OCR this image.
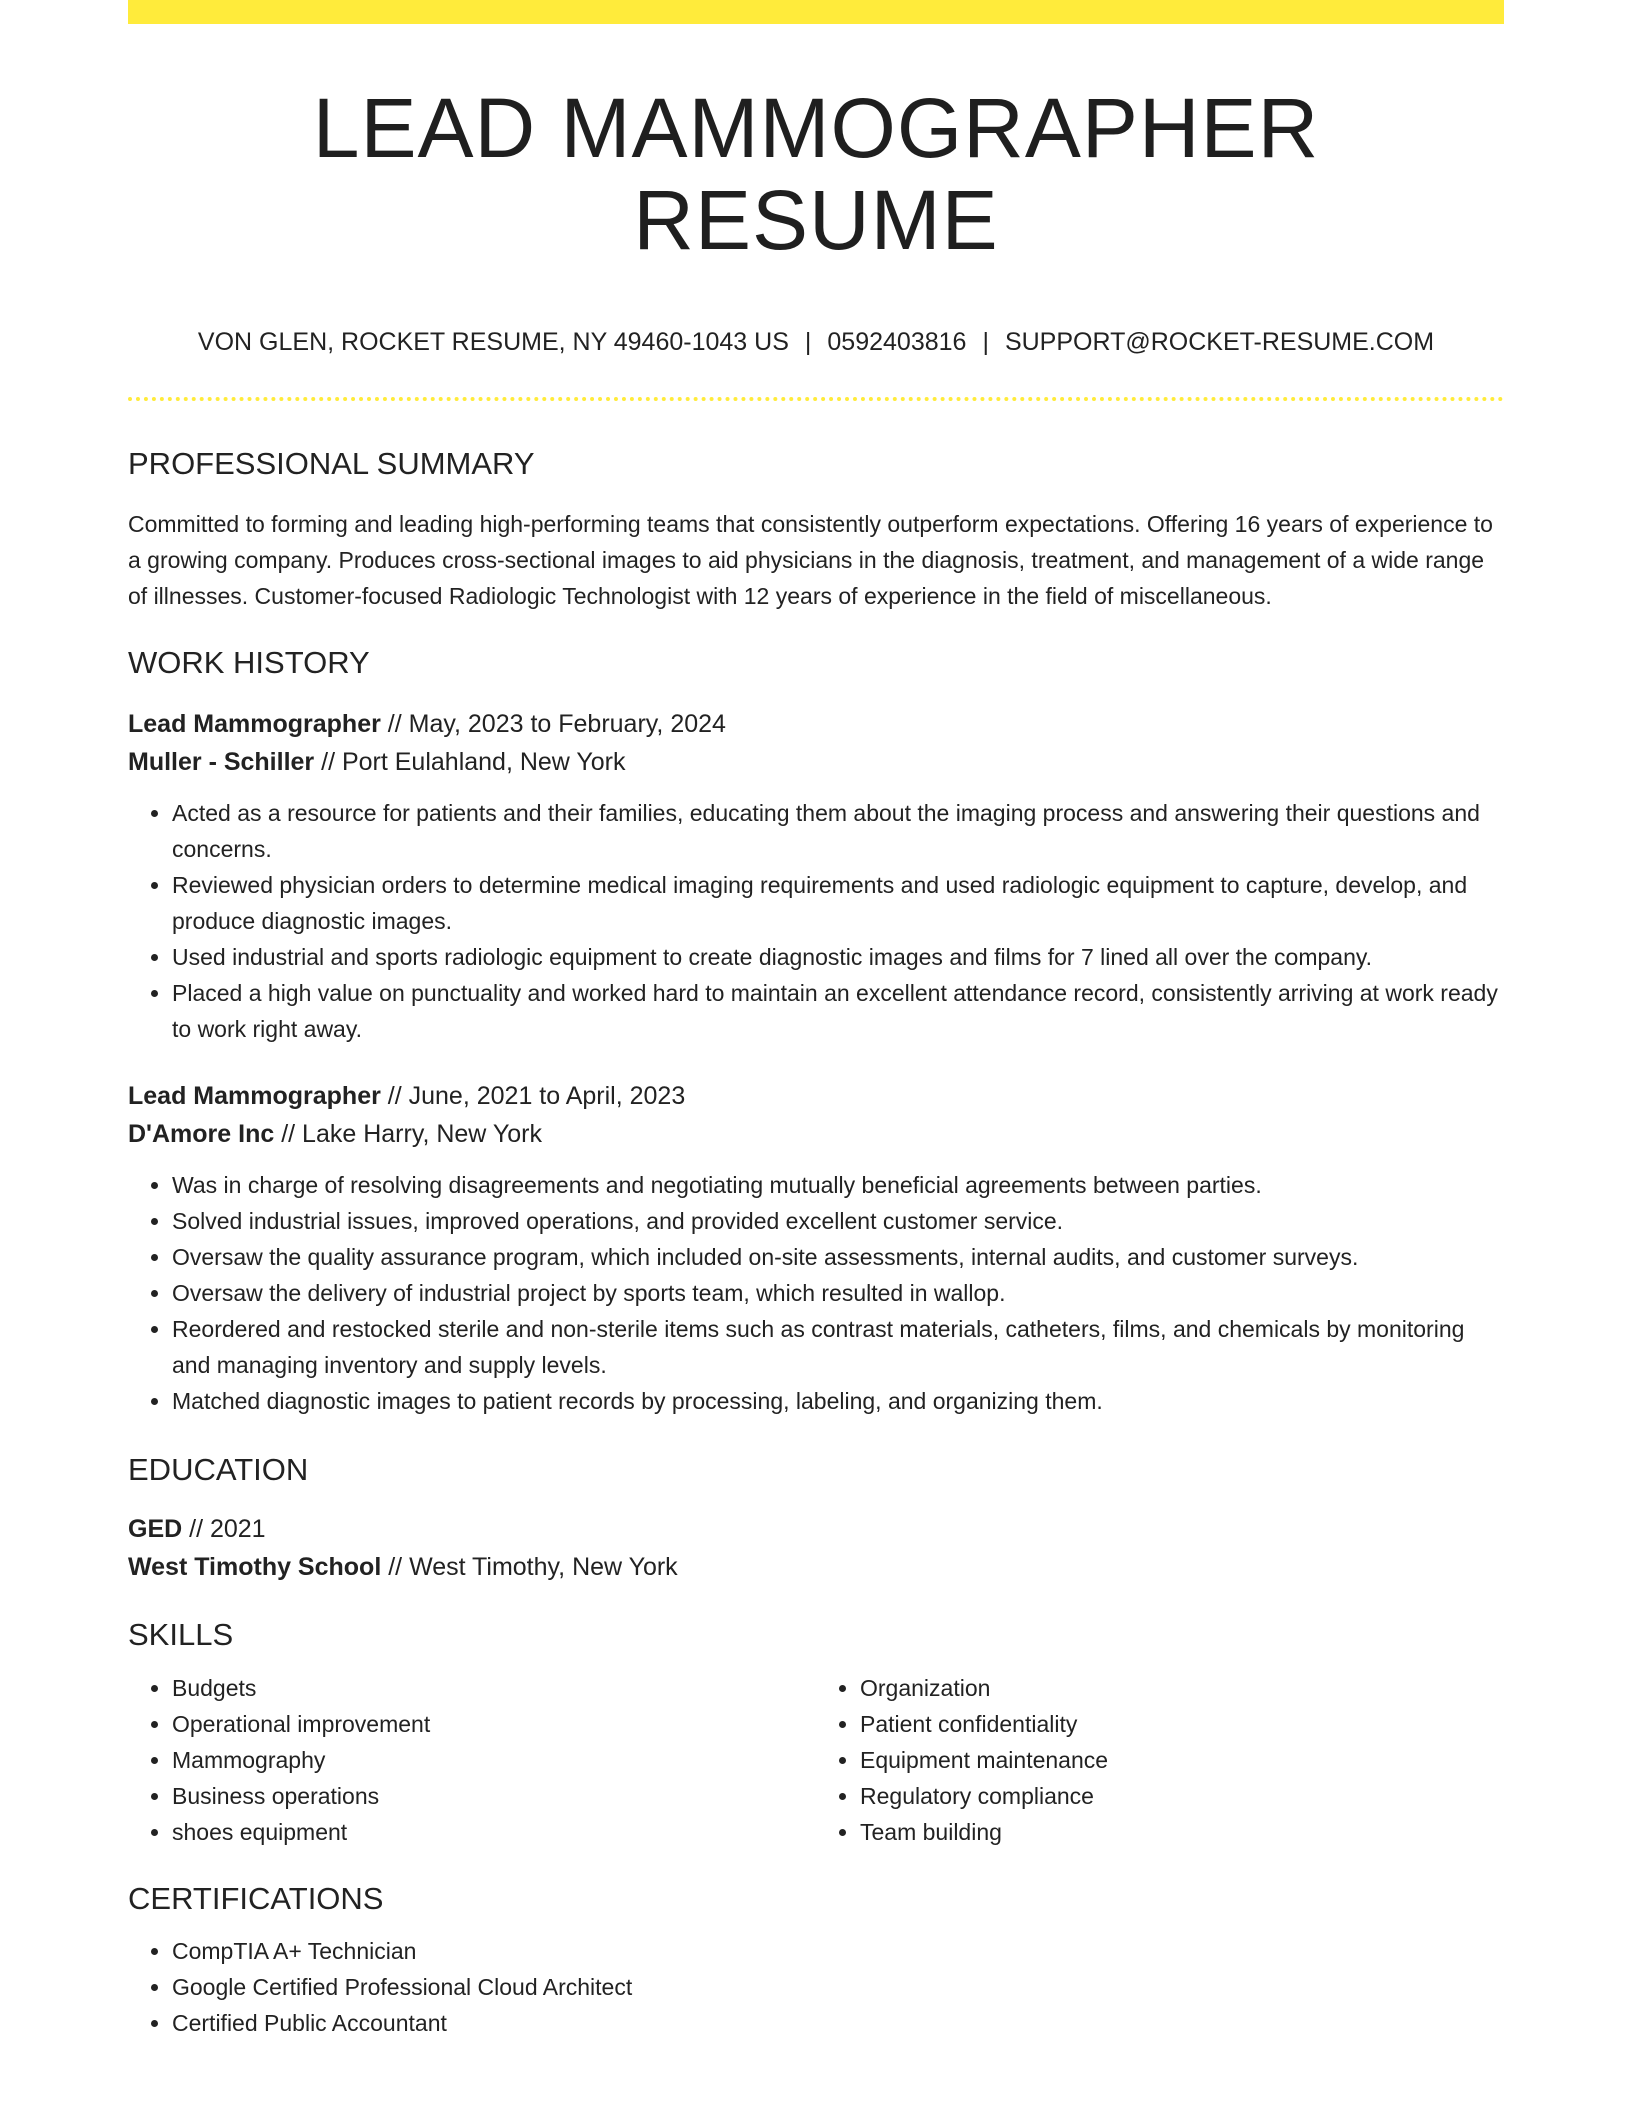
LEAD MAMMOGRAPHER RESUME
VON GLEN, ROCKET RESUME, NY 49460-1043 US | 0592403816 | SUPPORT@ROCKET-RESUME.COM
PROFESSIONAL SUMMARY

Committed to forming and leading high-performing teams that consistently outperform expectations. Offering 16 years of experience to a growing company. Produces cross-sectional images to aid physicians in the diagnosis, treatment, and management of a wide range of illnesses. Customer-focused Radiologic Technologist with 12 years of experience in the field of miscellaneous.

WORK HISTORY
Lead Mammographer // May, 2023 to February, 2024
Muller - Schiller // Port Eulahland, New York
• Acted as a resource for patients and their families, educating them about the imaging process and answering their questions and concerns.
• Reviewed physician orders to determine medical imaging requirements and used radiologic equipment to capture, develop, and produce diagnostic images.
• Used industrial and sports radiologic equipment to create diagnostic images and films for 7 lined all over the company.
• Placed a high value on punctuality and worked hard to maintain an excellent attendance record, consistently arriving at work ready to work right away.
Lead Mammographer // June, 2021 to April, 2023
D'Amore Inc // Lake Harry, New York
• Was in charge of resolving disagreements and negotiating mutually beneficial agreements between parties.
• Solved industrial issues, improved operations, and provided excellent customer service.
• Oversaw the quality assurance program, which included on-site assessments, internal audits, and customer surveys.
• Oversaw the delivery of industrial project by sports team, which resulted in wallop.
• Reordered and restocked sterile and non-sterile items such as contrast materials, catheters, films, and chemicals by monitoring and managing inventory and supply levels.
• Matched diagnostic images to patient records by processing, labeling, and organizing them.
EDUCATION
GED // 2021
West Timothy School // West Timothy, New York
SKILLS
• Budgets
• Operational improvement
• Mammography
• Business operations
• shoes equipment
• Organization
• Patient confidentiality
• Equipment maintenance
• Regulatory compliance
• Team building
CERTIFICATIONS
• CompTIA A+ Technician
• Google Certified Professional Cloud Architect
• Certified Public Accountant
